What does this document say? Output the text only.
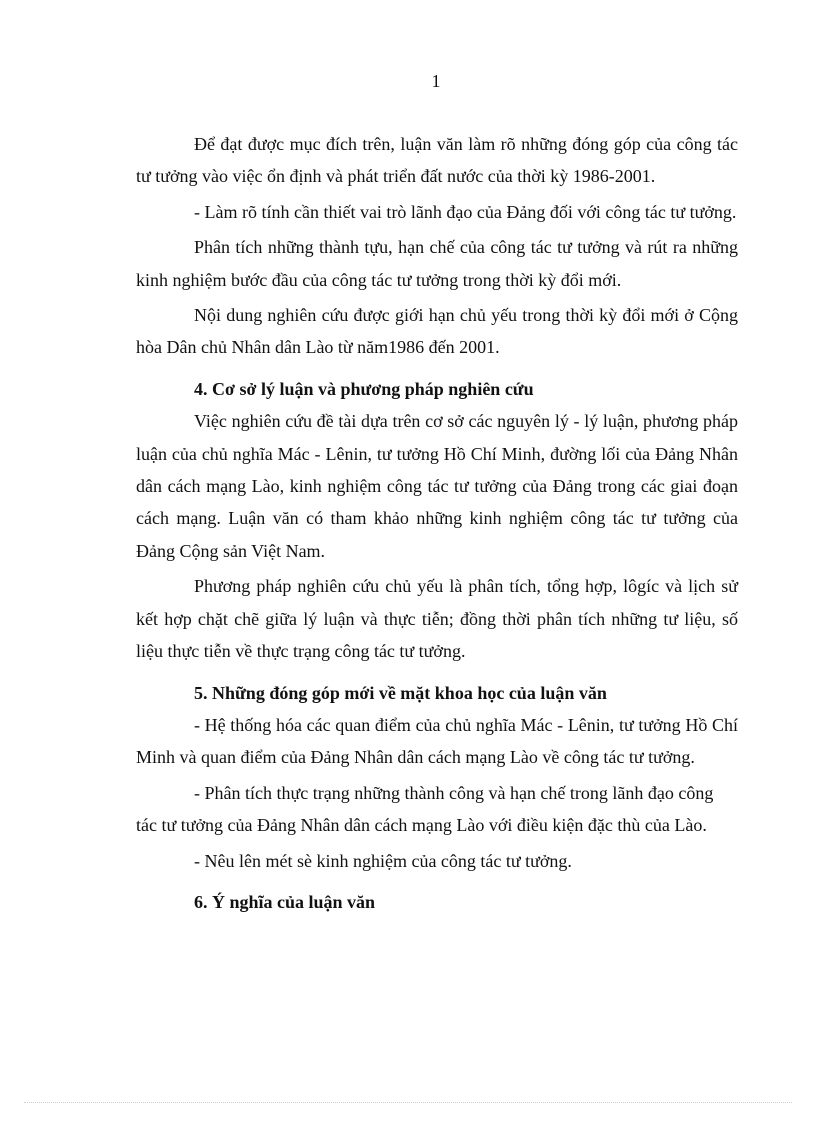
1

Để đạt được mục đích trên, luận văn làm rõ những đóng góp của công tác tư tưởng vào việc ổn định và phát triển đất nước của thời kỳ 1986-2001.

- Làm rõ tính cần thiết vai trò lãnh đạo của Đảng đối với công tác tư tưởng.

Phân tích những thành tựu, hạn chế của công tác tư tưởng và rút ra những kinh nghiệm bước đầu của công tác tư tưởng trong thời kỳ đổi mới.

Nội dung nghiên cứu được giới hạn chủ yếu trong thời kỳ đổi mới ở Cộng hòa Dân chủ Nhân dân Lào từ năm1986 đến 2001.

4. Cơ sở lý luận và phương pháp nghiên cứu

Việc nghiên cứu đề tài dựa trên cơ sở các nguyên lý - lý luận, phương pháp luận của chủ nghĩa Mác - Lênin, tư tưởng Hồ Chí Minh, đường lối của Đảng Nhân dân cách mạng Lào, kinh nghiệm công tác tư tưởng của Đảng trong các giai đoạn cách mạng. Luận văn có tham khảo những kinh nghiệm công tác tư tưởng của Đảng Cộng sản Việt Nam.

Phương pháp nghiên cứu chủ yếu là phân tích, tổng hợp, lôgíc và lịch sử kết hợp chặt chẽ giữa lý luận và thực tiễn; đồng thời phân tích những tư liệu, số liệu thực tiễn về thực trạng công tác tư tưởng.

5. Những đóng góp mới về mặt khoa học của luận văn

- Hệ thống hóa các quan điểm của chủ nghĩa Mác - Lênin, tư tưởng Hồ Chí Minh và quan điểm của Đảng Nhân dân cách mạng Lào về công tác tư tưởng.

- Phân tích thực trạng những thành công và hạn chế trong lãnh đạo công tác tư tưởng của Đảng Nhân dân cách mạng Lào với điều kiện đặc thù của Lào.

- Nêu lên mét sè kinh nghiệm của công tác tư tưởng.

6. Ý nghĩa của luận văn
